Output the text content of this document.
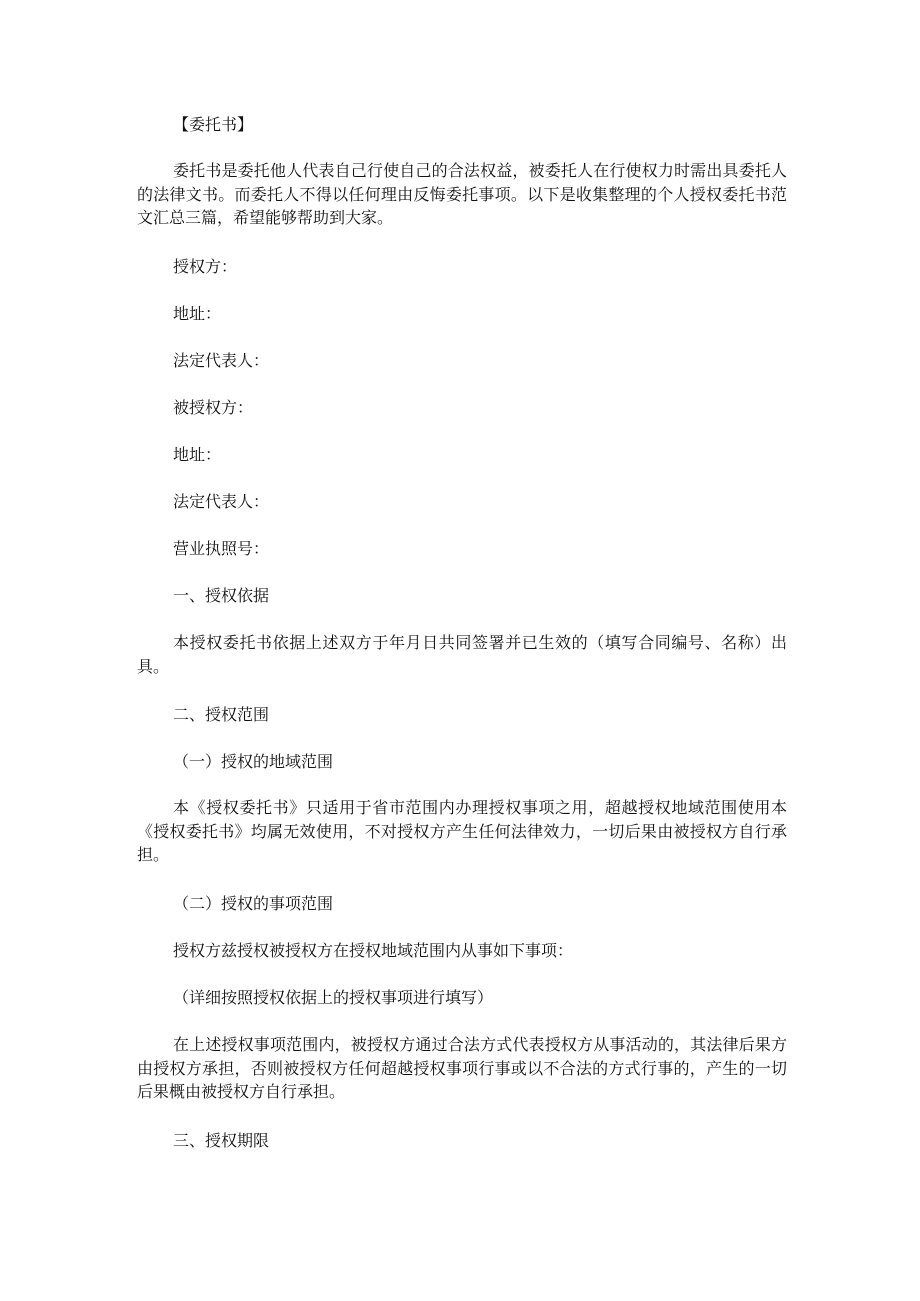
【委托书】

委托书是委托他人代表自己行使自己的合法权益，被委托人在行使权力时需出具委托人的法律文书。而委托人不得以任何理由反悔委托事项。以下是收集整理的个人授权委托书范文汇总三篇，希望能够帮助到大家。

授权方：

地址：

法定代表人：

被授权方：

地址：

法定代表人：

营业执照号：

一、授权依据

本授权委托书依据上述双方于年月日共同签署并已生效的（填写合同编号、名称）出具。

二、授权范围

（一）授权的地域范围

本《授权委托书》只适用于省市范围内办理授权事项之用，超越授权地域范围使用本《授权委托书》均属无效使用，不对授权方产生任何法律效力，一切后果由被授权方自行承担。

（二）授权的事项范围

授权方兹授权被授权方在授权地域范围内从事如下事项：

（详细按照授权依据上的授权事项进行填写）

在上述授权事项范围内，被授权方通过合法方式代表授权方从事活动的，其法律后果方由授权方承担，否则被授权方任何超越授权事项行事或以不合法的方式行事的，产生的一切后果概由被授权方自行承担。

三、授权期限
